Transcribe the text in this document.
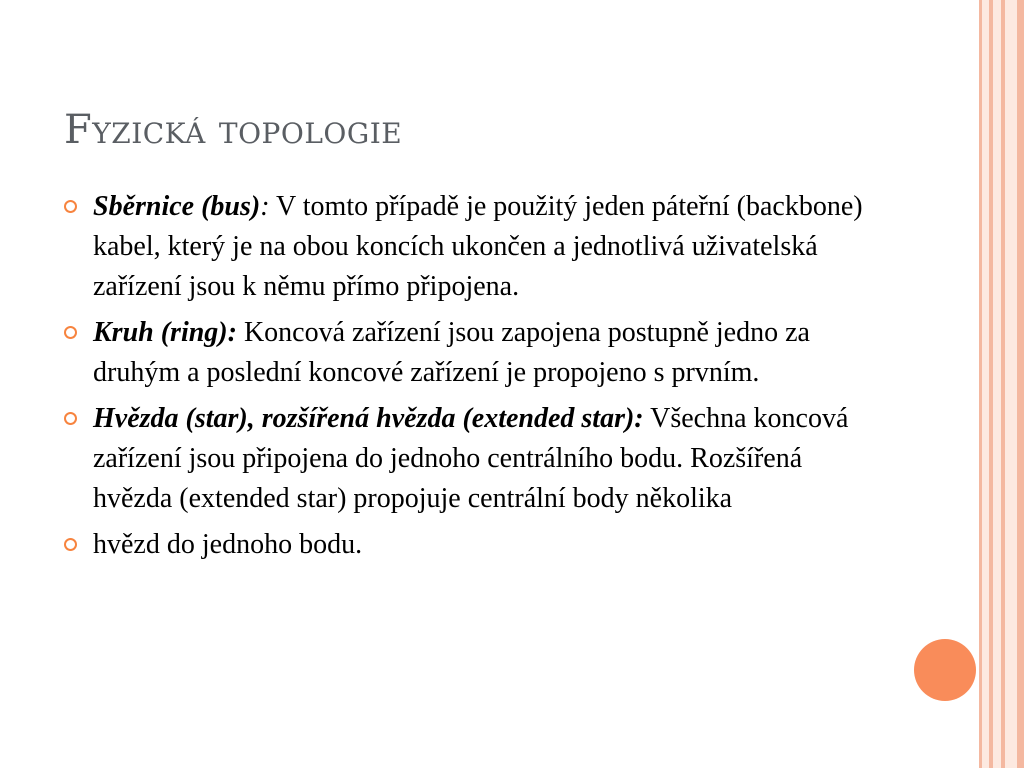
Fyzická topologie
Sběrnice (bus): V tomto případě je použitý jeden páteřní (backbone) kabel, který je na obou koncích ukončen a jednotlivá uživatelská zařízení jsou k němu přímo připojena.
Kruh (ring): Koncová zařízení jsou zapojena postupně jedno za druhým a poslední koncové zařízení je propojeno s prvním.
Hvězda (star), rozšířená hvězda (extended star): Všechna koncová zařízení jsou připojena do jednoho centrálního bodu. Rozšířená hvězda (extended star) propojuje centrální body několika
hvězd do jednoho bodu.
